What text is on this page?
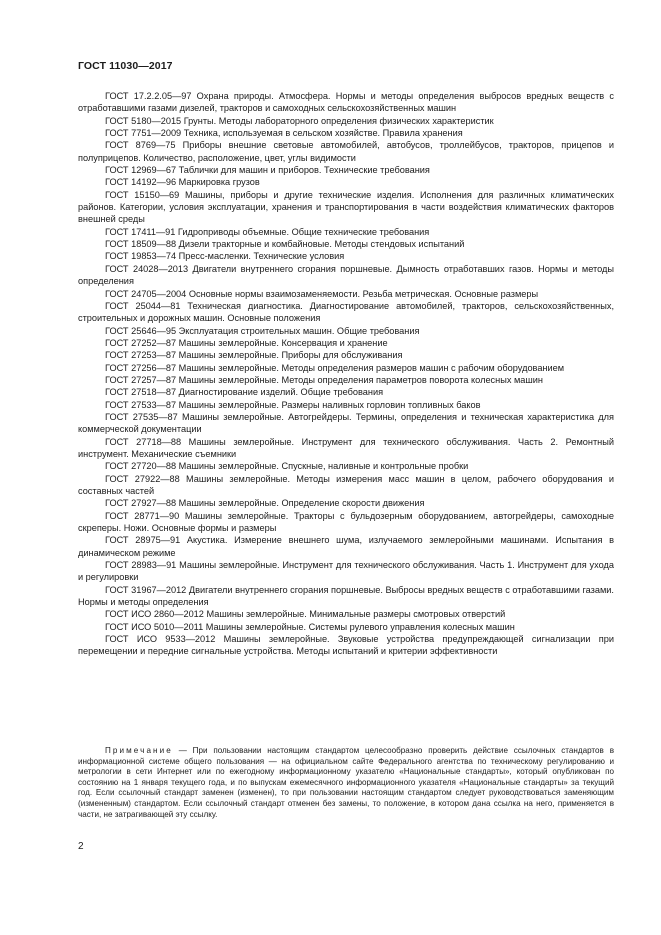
ГОСТ 11030—2017

ГОСТ 17.2.2.05—97 Охрана природы. Атмосфера. Нормы и методы определения выбросов вредных веществ с отработавшими газами дизелей, тракторов и самоходных сельскохозяйственных машин

ГОСТ 5180—2015 Грунты. Методы лабораторного определения физических характеристик

ГОСТ 7751—2009 Техника, используемая в сельском хозяйстве. Правила хранения

ГОСТ 8769—75 Приборы внешние световые автомобилей, автобусов, троллейбусов, тракторов, прицепов и полуприцепов. Количество, расположение, цвет, углы видимости

ГОСТ 12969—67 Таблички для машин и приборов. Технические требования

ГОСТ 14192—96 Маркировка грузов

ГОСТ 15150—69 Машины, приборы и другие технические изделия. Исполнения для различных климатических районов. Категории, условия эксплуатации, хранения и транспортирования в части воздействия климатических факторов внешней среды

ГОСТ 17411—91 Гидроприводы объемные. Общие технические требования

ГОСТ 18509—88 Дизели тракторные и комбайновые. Методы стендовых испытаний

ГОСТ 19853—74 Пресс-масленки. Технические условия

ГОСТ 24028—2013 Двигатели внутреннего сгорания поршневые. Дымность отработавших газов. Нормы и методы определения

ГОСТ 24705—2004 Основные нормы взаимозаменяемости. Резьба метрическая. Основные размеры

ГОСТ 25044—81 Техническая диагностика. Диагностирование автомобилей, тракторов, сельскохозяйственных, строительных и дорожных машин. Основные положения

ГОСТ 25646—95 Эксплуатация строительных машин. Общие требования

ГОСТ 27252—87 Машины землеройные. Консервация и хранение

ГОСТ 27253—87 Машины землеройные. Приборы для обслуживания

ГОСТ 27256—87 Машины землеройные. Методы определения размеров машин с рабочим оборудованием

ГОСТ 27257—87 Машины землеройные. Методы определения параметров поворота колесных машин

ГОСТ 27518—87 Диагностирование изделий. Общие требования

ГОСТ 27533—87 Машины землеройные. Размеры наливных горловин топливных баков

ГОСТ 27535—87 Машины землеройные. Автогрейдеры. Термины, определения и техническая характеристика для коммерческой документации

ГОСТ 27718—88 Машины землеройные. Инструмент для технического обслуживания. Часть 2. Ремонтный инструмент. Механические съемники

ГОСТ 27720—88 Машины землеройные. Спускные, наливные и контрольные пробки

ГОСТ 27922—88 Машины землеройные. Методы измерения масс машин в целом, рабочего оборудования и составных частей

ГОСТ 27927—88 Машины землеройные. Определение скорости движения

ГОСТ 28771—90 Машины землеройные. Тракторы с бульдозерным оборудованием, автогрейдеры, самоходные скреперы. Ножи. Основные формы и размеры

ГОСТ 28975—91 Акустика. Измерение внешнего шума, излучаемого землеройными машинами. Испытания в динамическом режиме

ГОСТ 28983—91 Машины землеройные. Инструмент для технического обслуживания. Часть 1. Инструмент для ухода и регулировки

ГОСТ 31967—2012 Двигатели внутреннего сгорания поршневые. Выбросы вредных веществ с отработавшими газами. Нормы и методы определения

ГОСТ ИСО 2860—2012 Машины землеройные. Минимальные размеры смотровых отверстий

ГОСТ ИСО 5010—2011 Машины землеройные. Системы рулевого управления колесных машин

ГОСТ ИСО 9533—2012 Машины землеройные. Звуковые устройства предупреждающей сигнализации при перемещении и передние сигнальные устройства. Методы испытаний и критерии эффективности

Примечание — При пользовании настоящим стандартом целесообразно проверить действие ссылочных стандартов в информационной системе общего пользования — на официальном сайте Федерального агентства по техническому регулированию и метрологии в сети Интернет или по ежегодному информационному указателю «Национальные стандарты», который опубликован по состоянию на 1 января текущего года, и по выпускам ежемесячного информационного указателя «Национальные стандарты» за текущий год. Если ссылочный стандарт заменен (изменен), то при пользовании настоящим стандартом следует руководствоваться заменяющим (измененным) стандартом. Если ссылочный стандарт отменен без замены, то положение, в котором дана ссылка на него, применяется в части, не затрагивающей эту ссылку.
2
